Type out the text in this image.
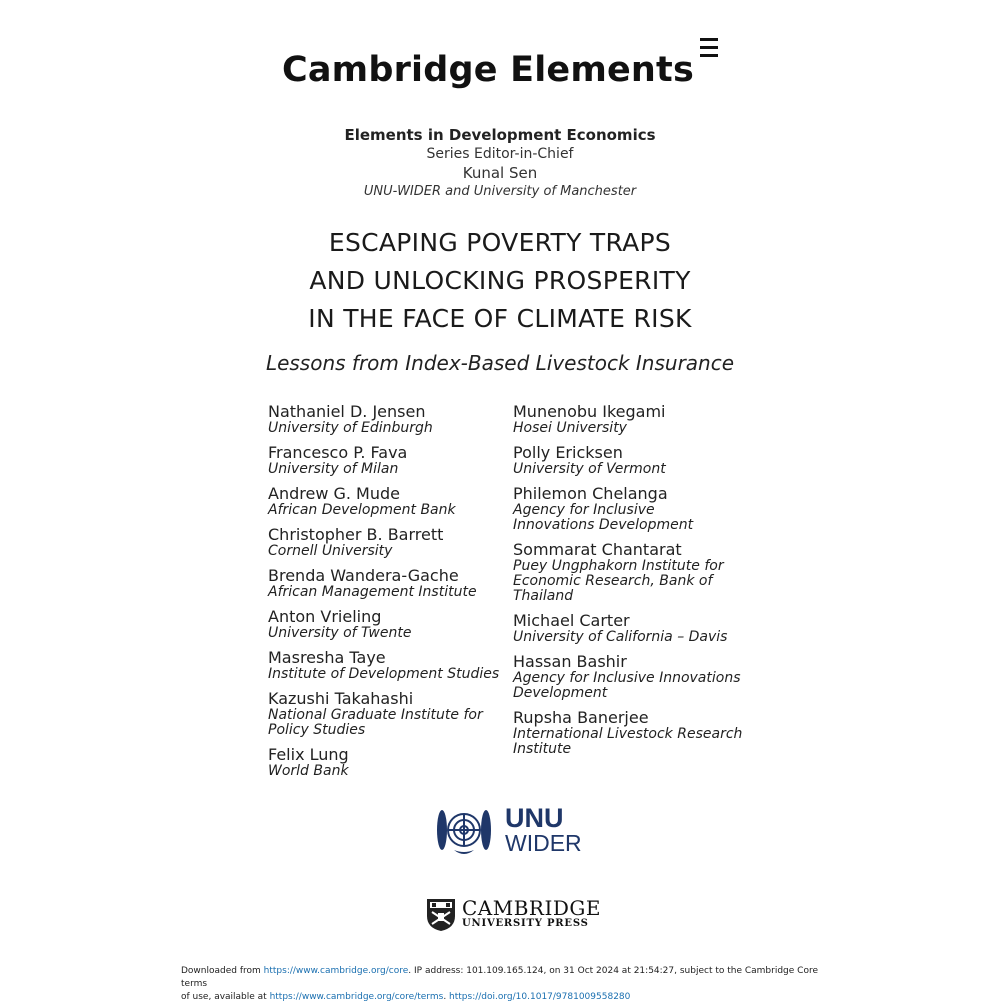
Cambridge Elements
Elements in Development Economics
Series Editor-in-Chief
Kunal Sen
UNU-WIDER and University of Manchester
ESCAPING POVERTY TRAPS
AND UNLOCKING PROSPERITY
IN THE FACE OF CLIMATE RISK
Lessons from Index-Based Livestock Insurance
Nathaniel D. Jensen
University of Edinburgh
Francesco P. Fava
University of Milan
Andrew G. Mude
African Development Bank
Christopher B. Barrett
Cornell University
Brenda Wandera-Gache
African Management Institute
Anton Vrieling
University of Twente
Masresha Taye
Institute of Development Studies
Kazushi Takahashi
National Graduate Institute for
Policy Studies
Felix Lung
World Bank
Munenobu Ikegami
Hosei University
Polly Ericksen
University of Vermont
Philemon Chelanga
Agency for Inclusive
Innovations Development
Sommarat Chantarat
Puey Ungphakorn Institute for
Economic Research, Bank of Thailand
Michael Carter
University of California – Davis
Hassan Bashir
Agency for Inclusive Innovations
Development
Rupsha Banerjee
International Livestock Research
Institute
UNU
WIDER
CAMBRIDGE
UNIVERSITY PRESS
Downloaded from https://www.cambridge.org/core. IP address: 101.109.165.124, on 31 Oct 2024 at 21:54:27, subject to the Cambridge Core terms
of use, available at https://www.cambridge.org/core/terms. https://doi.org/10.1017/9781009558280
